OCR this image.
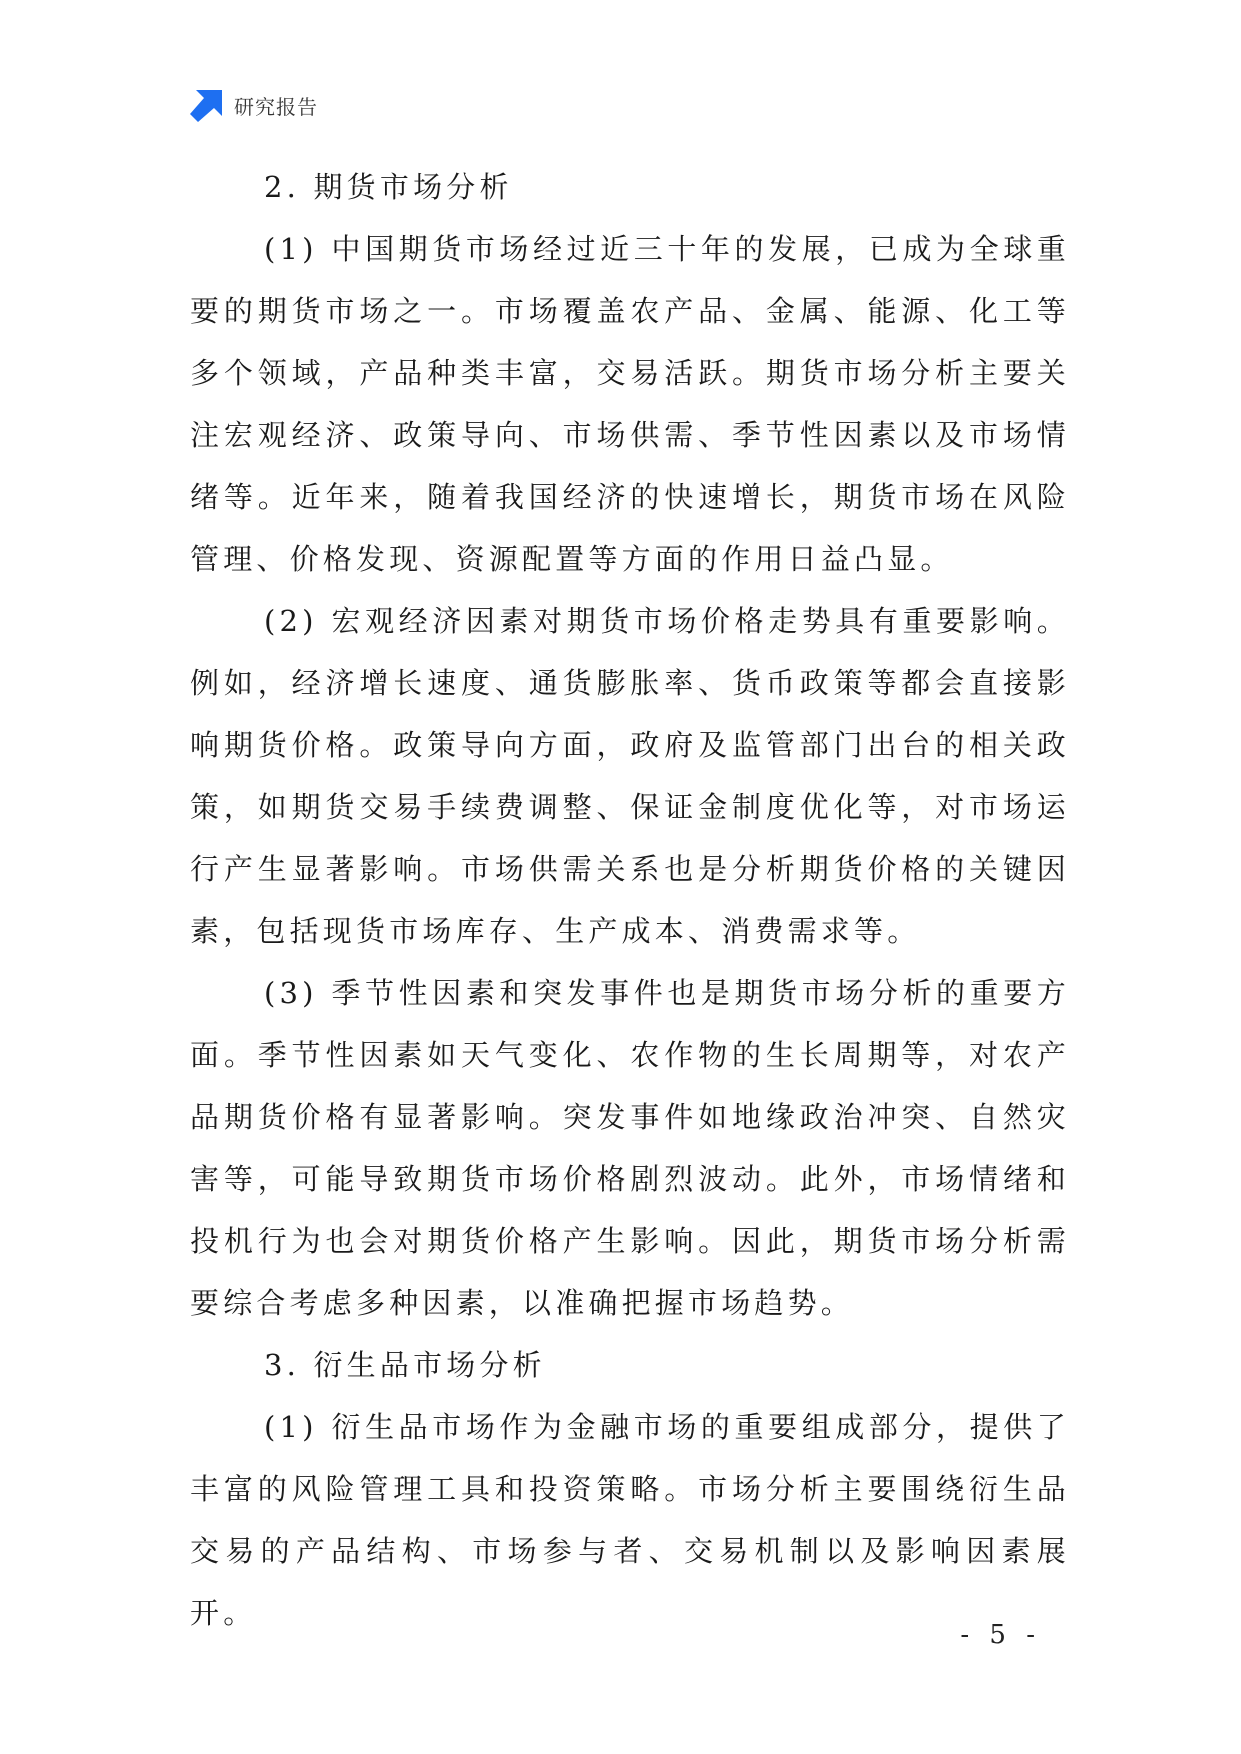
研究报告

2. 期货市场分析

(1) 中国期货市场经过近三十年的发展，已成为全球重要的期货市场之一。市场覆盖农产品、金属、能源、化工等多个领域，产品种类丰富，交易活跃。期货市场分析主要关注宏观经济、政策导向、市场供需、季节性因素以及市场情绪等。近年来，随着我国经济的快速增长，期货市场在风险管理、价格发现、资源配置等方面的作用日益凸显。

(2) 宏观经济因素对期货市场价格走势具有重要影响。例如，经济增长速度、通货膨胀率、货币政策等都会直接影响期货价格。政策导向方面，政府及监管部门出台的相关政策，如期货交易手续费调整、保证金制度优化等，对市场运行产生显著影响。市场供需关系也是分析期货价格的关键因素，包括现货市场库存、生产成本、消费需求等。

(3) 季节性因素和突发事件也是期货市场分析的重要方面。季节性因素如天气变化、农作物的生长周期等，对农产品期货价格有显著影响。突发事件如地缘政治冲突、自然灾害等，可能导致期货市场价格剧烈波动。此外，市场情绪和投机行为也会对期货价格产生影响。因此，期货市场分析需要综合考虑多种因素，以准确把握市场趋势。

3. 衍生品市场分析

(1) 衍生品市场作为金融市场的重要组成部分，提供了丰富的风险管理工具和投资策略。市场分析主要围绕衍生品交易的产品结构、市场参与者、交易机制以及影响因素展开。

- 5 -
